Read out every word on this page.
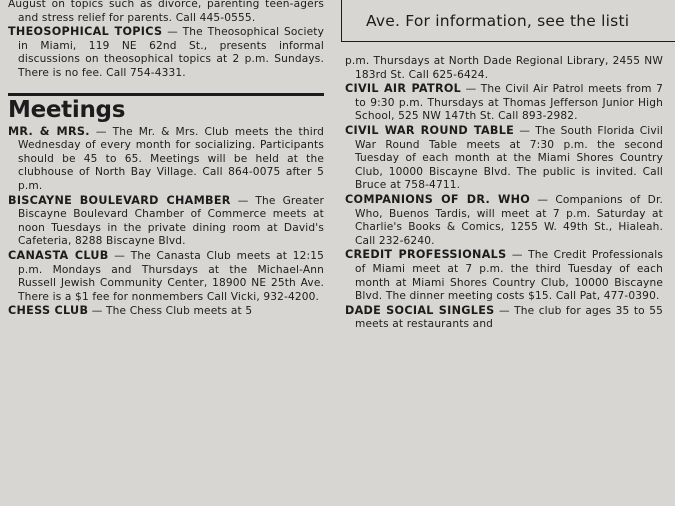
August on topics such as divorce, parenting teen-agers and stress relief for parents. Call 445-0555.

THEOSOPHICAL TOPICS — The Theosophical Society in Miami, 119 NE 62nd St., presents informal discussions on theosophical topics at 2 p.m. Sundays. There is no fee. Call 754-4331.

Meetings

MR. & MRS. — The Mr. & Mrs. Club meets the third Wednesday of every month for socializing. Participants should be 45 to 65. Meetings will be held at the clubhouse of North Bay Village. Call 864-0075 after 5 p.m.

BISCAYNE BOULEVARD CHAMBER — The Greater Biscayne Boulevard Chamber of Commerce meets at noon Tuesdays in the private dining room at David's Cafeteria, 8288 Biscayne Blvd.

CANASTA CLUB — The Canasta Club meets at 12:15 p.m. Mondays and Thursdays at the Michael-Ann Russell Jewish Community Center, 18900 NE 25th Ave. There is a $1 fee for nonmembers Call Vicki, 932-4200.

CHESS CLUB — The Chess Club meets at 5

Ave. For information, see the listi

p.m. Thursdays at North Dade Regional Library, 2455 NW 183rd St. Call 625-6424.

CIVIL AIR PATROL — The Civil Air Patrol meets from 7 to 9:30 p.m. Thursdays at Thomas Jefferson Junior High School, 525 NW 147th St. Call 893-2982.

CIVIL WAR ROUND TABLE — The South Florida Civil War Round Table meets at 7:30 p.m. the second Tuesday of each month at the Miami Shores Country Club, 10000 Biscayne Blvd. The public is invited. Call Bruce at 758-4711.

COMPANIONS OF DR. WHO — Companions of Dr. Who, Buenos Tardis, will meet at 7 p.m. Saturday at Charlie's Books & Comics, 1255 W. 49th St., Hialeah. Call 232-6240.

CREDIT PROFESSIONALS — The Credit Professionals of Miami meet at 7 p.m. the third Tuesday of each month at Miami Shores Country Club, 10000 Biscayne Blvd. The dinner meeting costs $15. Call Pat, 477-0390.

DADE SOCIAL SINGLES — The club for ages 35 to 55 meets at restaurants and
